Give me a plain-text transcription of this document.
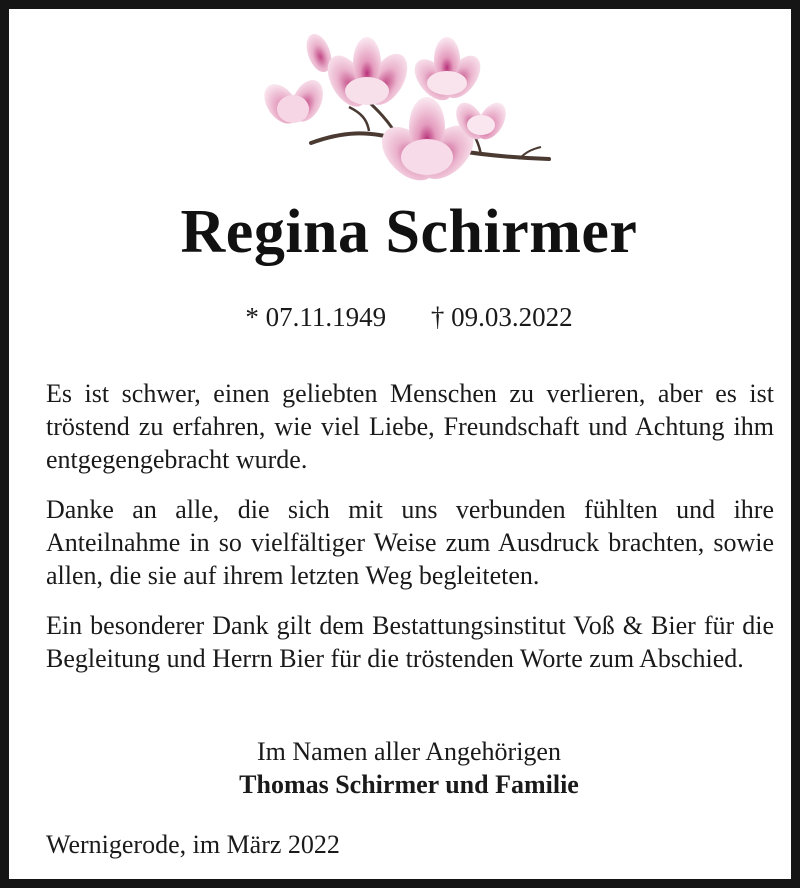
Regina Schirmer
* 07.11.1949 † 09.03.2022
Es ist schwer, einen geliebten Menschen zu verlieren, aber es ist tröstend zu erfahren, wie viel Liebe, Freundschaft und Achtung ihm entgegengebracht wurde.
Danke an alle, die sich mit uns verbunden fühlten und ihre Anteilnahme in so vielfältiger Weise zum Ausdruck brachten, sowie allen, die sie auf ihrem letzten Weg begleiteten.
Ein besonderer Dank gilt dem Bestattungsinstitut Voß & Bier für die Begleitung und Herrn Bier für die tröstenden Worte zum Abschied.
Im Namen aller Angehörigen
Thomas Schirmer und Familie
Wernigerode, im März 2022
